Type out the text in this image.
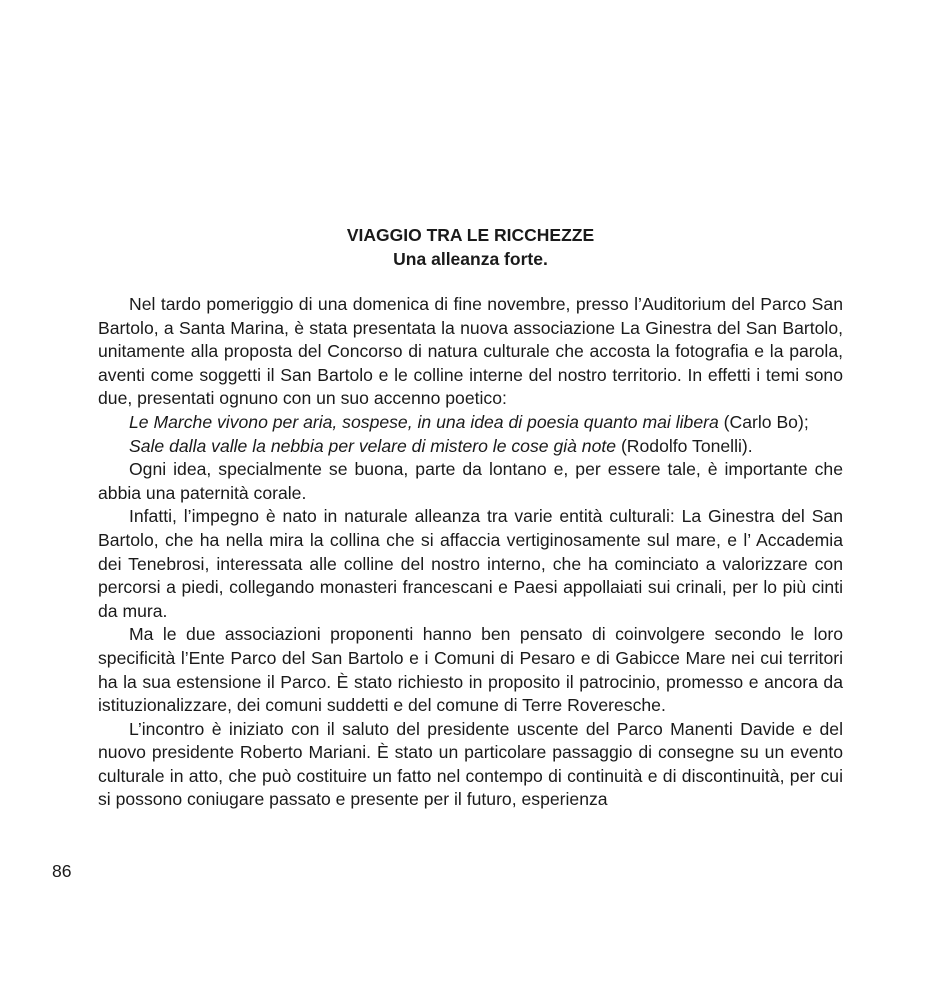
VIAGGIO TRA LE RICCHEZZE
Una alleanza forte.

Nel tardo pomeriggio di una domenica di fine novembre, presso l’Auditorium del Parco San Bartolo, a Santa Marina, è stata presentata la nuova associazione La Ginestra del San Bartolo, unitamente alla proposta del Concorso di natura culturale che accosta la fotografia e la parola, aventi come soggetti il San Bartolo e le colline interne del nostro territorio. In effetti i temi sono due, presentati ognuno con un suo accenno poetico:

Le Marche vivono per aria, sospese, in una idea di poesia quanto mai libera (Carlo Bo);

Sale dalla valle la nebbia per velare di mistero le cose già note (Rodolfo Tonelli).

Ogni idea, specialmente se buona, parte da lontano e, per essere tale, è importante che abbia una paternità corale.

Infatti, l’impegno è nato in naturale alleanza tra varie entità culturali: La Ginestra del San Bartolo, che ha nella mira la collina che si affaccia vertiginosamente sul mare, e l’ Accademia dei Tenebrosi, interessata alle colline del nostro interno, che ha cominciato a valorizzare con percorsi a piedi, collegando monasteri francescani e Paesi appollaiati sui crinali, per lo più cinti da mura.

Ma le due associazioni proponenti hanno ben pensato di coinvolgere secondo le loro specificità l’Ente Parco del San Bartolo e i Comuni di Pesaro e di Gabicce Mare nei cui territori ha la sua estensione il Parco. È stato richiesto in proposito il patrocinio, promesso e ancora da istituzionalizzare, dei comuni suddetti e del comune di Terre Roveresche.

L’incontro è iniziato con il saluto del presidente uscente del Parco Manenti Davide e del nuovo presidente Roberto Mariani. È stato un particolare passaggio di consegne su un evento culturale in atto, che può costituire un fatto nel contempo di continuità e di discontinuità, per cui si possono coniugare passato e presente per il futuro, esperienza

86
